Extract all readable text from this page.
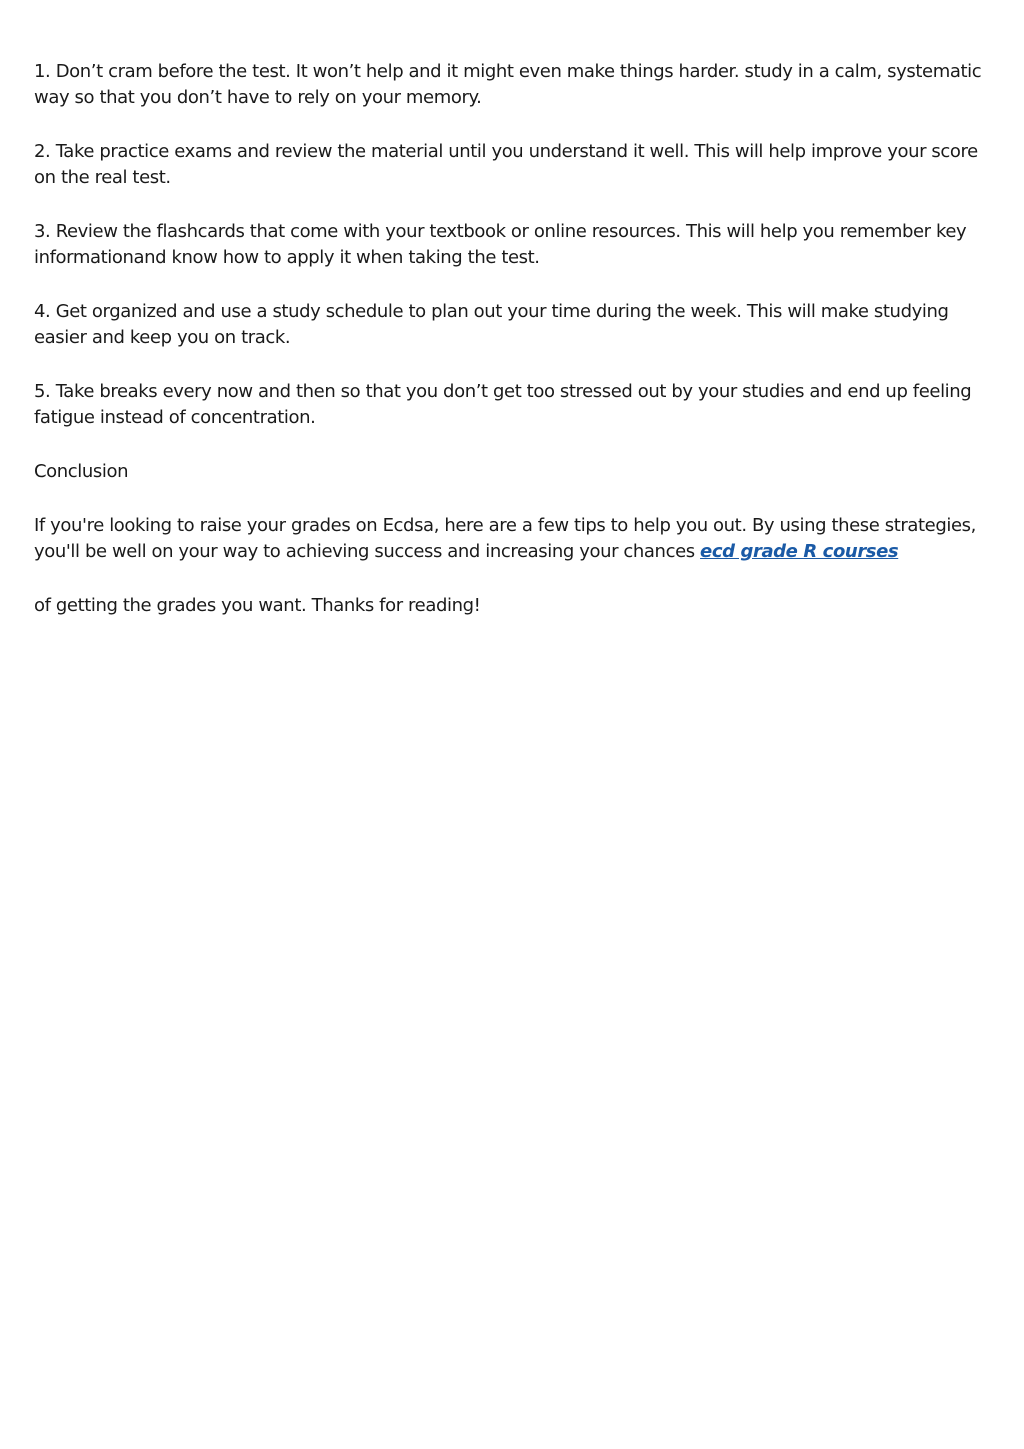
1. Don’t cram before the test. It won’t help and it might even make things harder. study in a calm, systematic way so that you don’t have to rely on your memory.

2. Take practice exams and review the material until you understand it well. This will help improve your score on the real test.

3. Review the flashcards that come with your textbook or online resources. This will help you remember key informationand know how to apply it when taking the test.

4. Get organized and use a study schedule to plan out your time during the week. This will make studying easier and keep you on track.

5. Take breaks every now and then so that you don’t get too stressed out by your studies and end up feeling fatigue instead of concentration.

Conclusion

If you're looking to raise your grades on Ecdsa, here are a few tips to help you out. By using these strategies, you'll be well on your way to achieving success and increasing your chances ecd grade R courses

of getting the grades you want. Thanks for reading!
